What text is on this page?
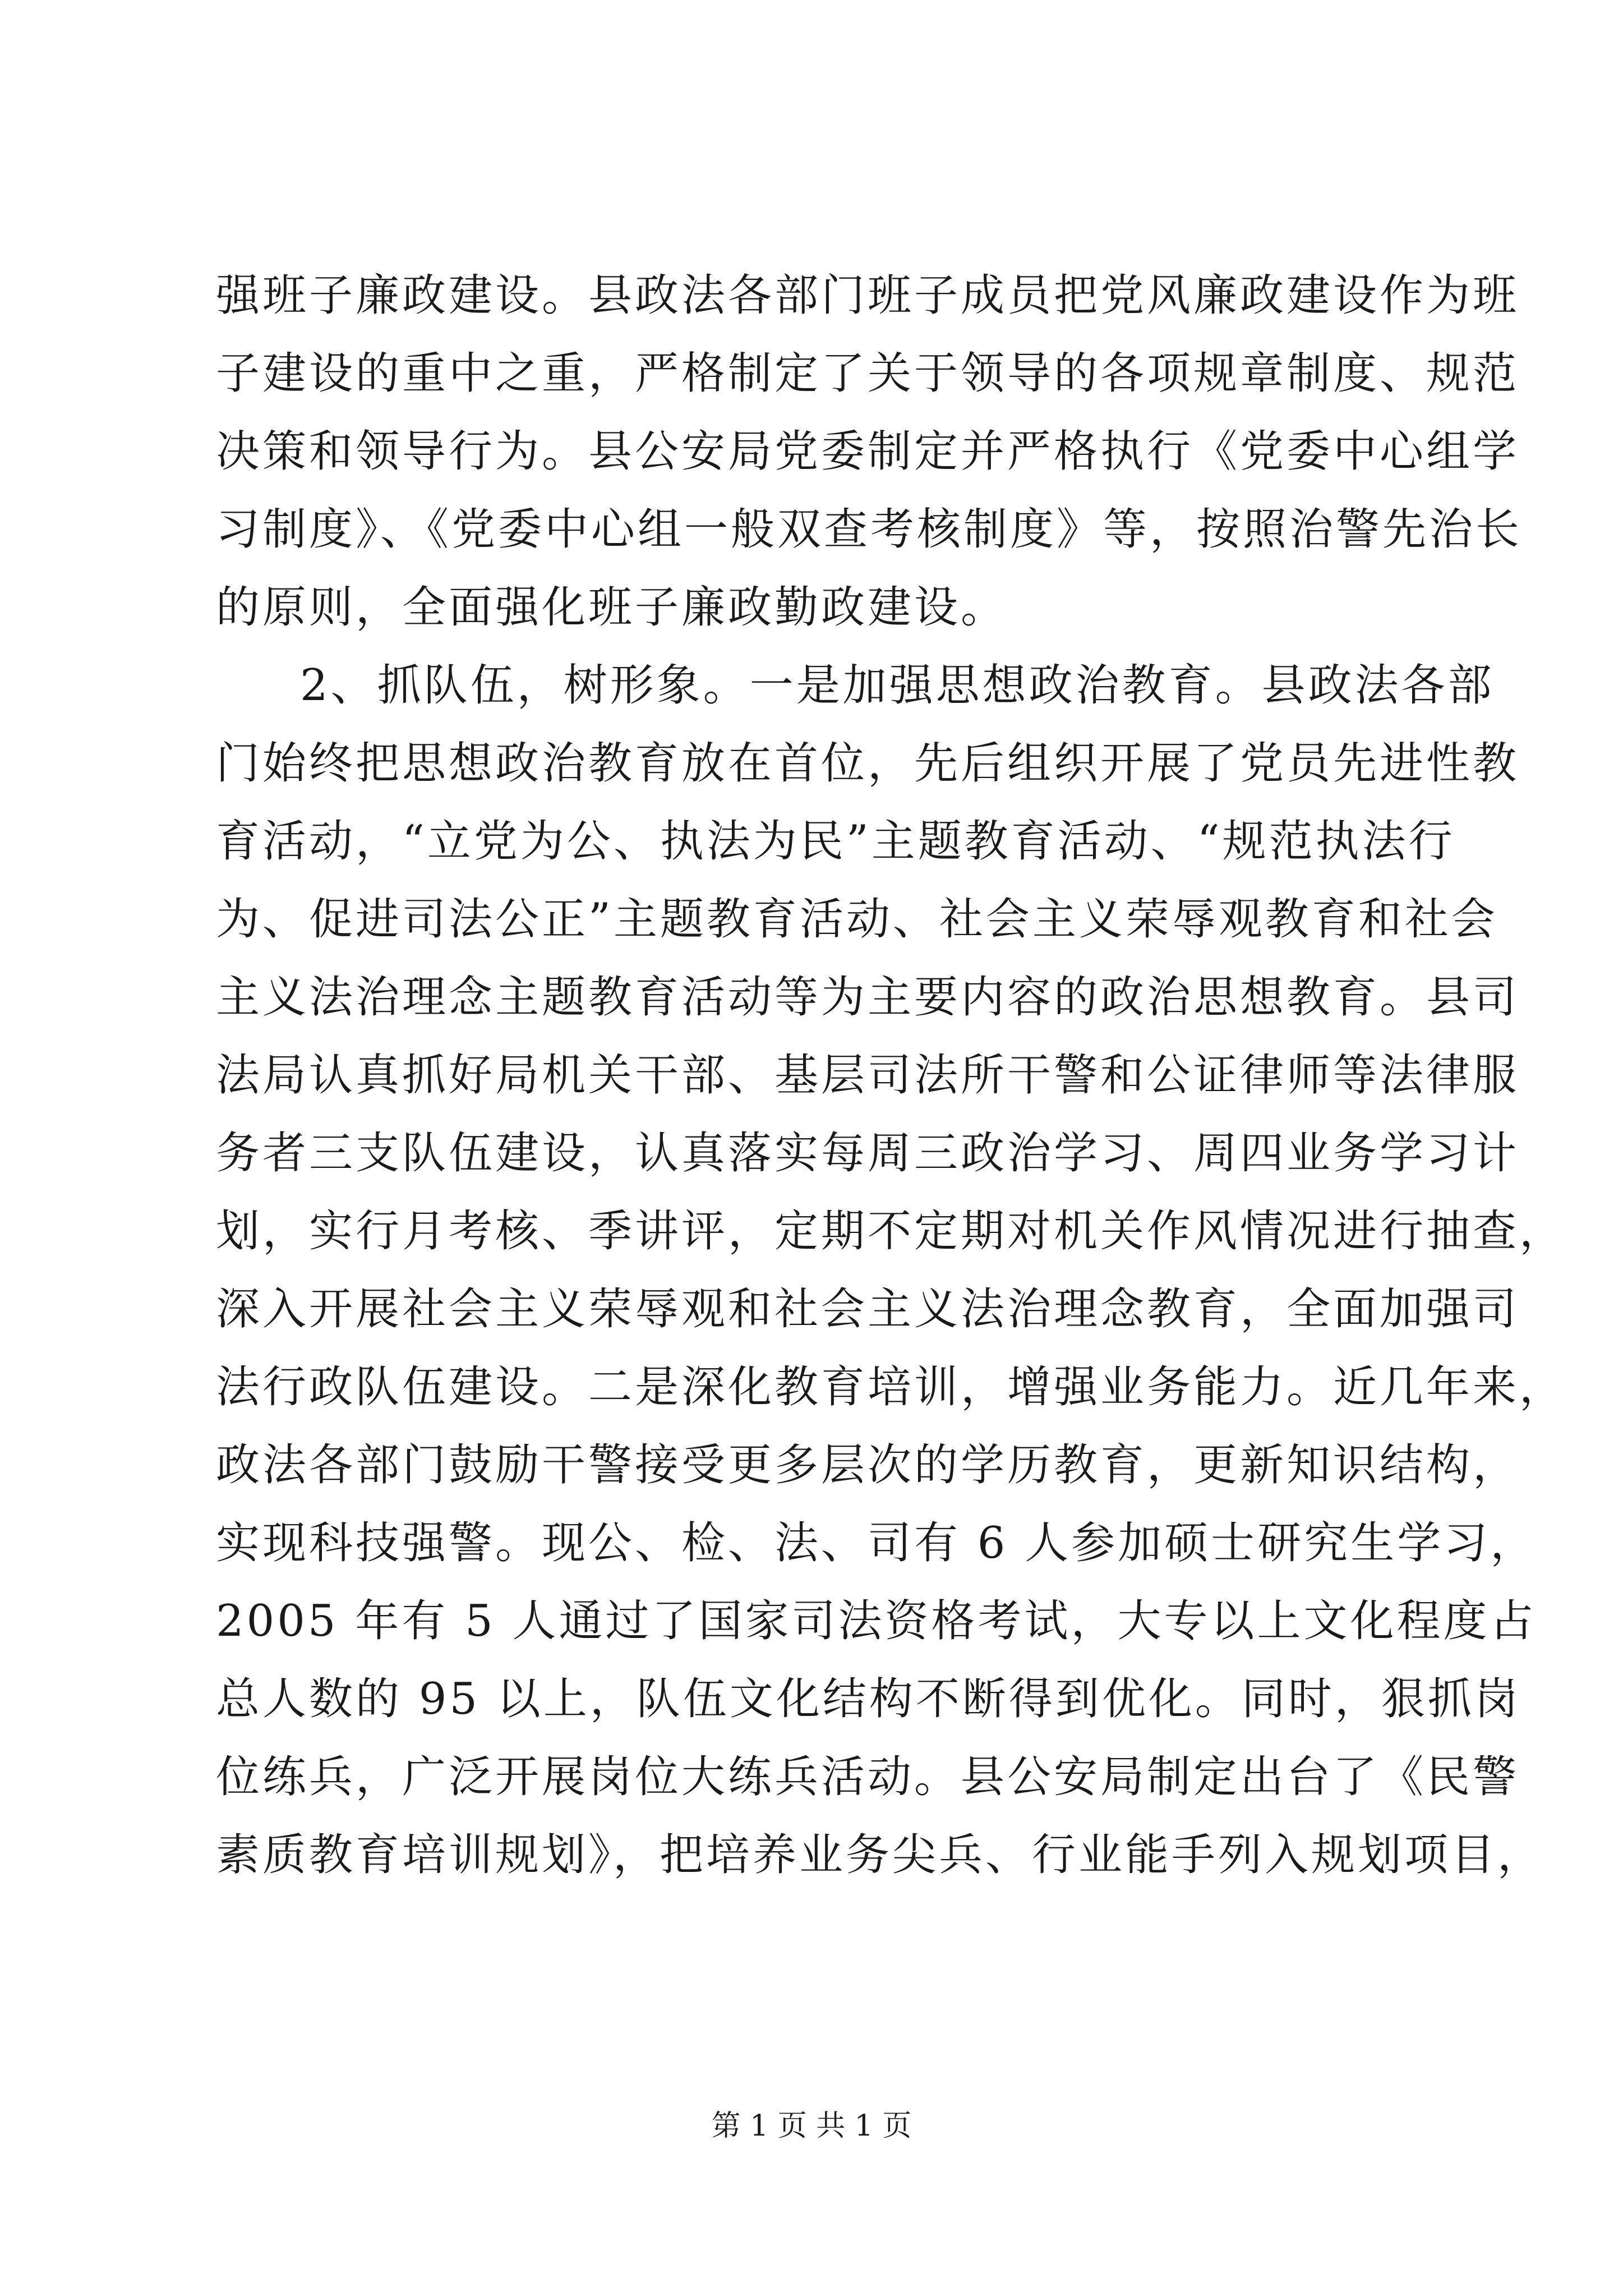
强班子廉政建设。县政法各部门班子成员把党风廉政建设作为班
子建设的重中之重，严格制定了关于领导的各项规章制度、规范
决策和领导行为。县公安局党委制定并严格执行《党委中心组学
习制度》、《党委中心组一般双查考核制度》等，按照治警先治长
的原则，全面强化班子廉政勤政建设。
2、抓队伍，树形象。一是加强思想政治教育。县政法各部
门始终把思想政治教育放在首位，先后组织开展了党员先进性教
育活动，“立党为公、执法为民”主题教育活动、“规范执法行
为、促进司法公正”主题教育活动、社会主义荣辱观教育和社会
主义法治理念主题教育活动等为主要内容的政治思想教育。县司
法局认真抓好局机关干部、基层司法所干警和公证律师等法律服
务者三支队伍建设，认真落实每周三政治学习、周四业务学习计
划，实行月考核、季讲评，定期不定期对机关作风情况进行抽查，
深入开展社会主义荣辱观和社会主义法治理念教育，全面加强司
法行政队伍建设。二是深化教育培训，增强业务能力。近几年来，
政法各部门鼓励干警接受更多层次的学历教育，更新知识结构，
实现科技强警。现公、检、法、司有 6 人参加硕士研究生学习，
2005 年有 5 人通过了国家司法资格考试，大专以上文化程度占
总人数的 95 以上，队伍文化结构不断得到优化。同时，狠抓岗
位练兵，广泛开展岗位大练兵活动。县公安局制定出台了《民警
素质教育培训规划》，把培养业务尖兵、行业能手列入规划项目，
第 1 页 共 1 页
